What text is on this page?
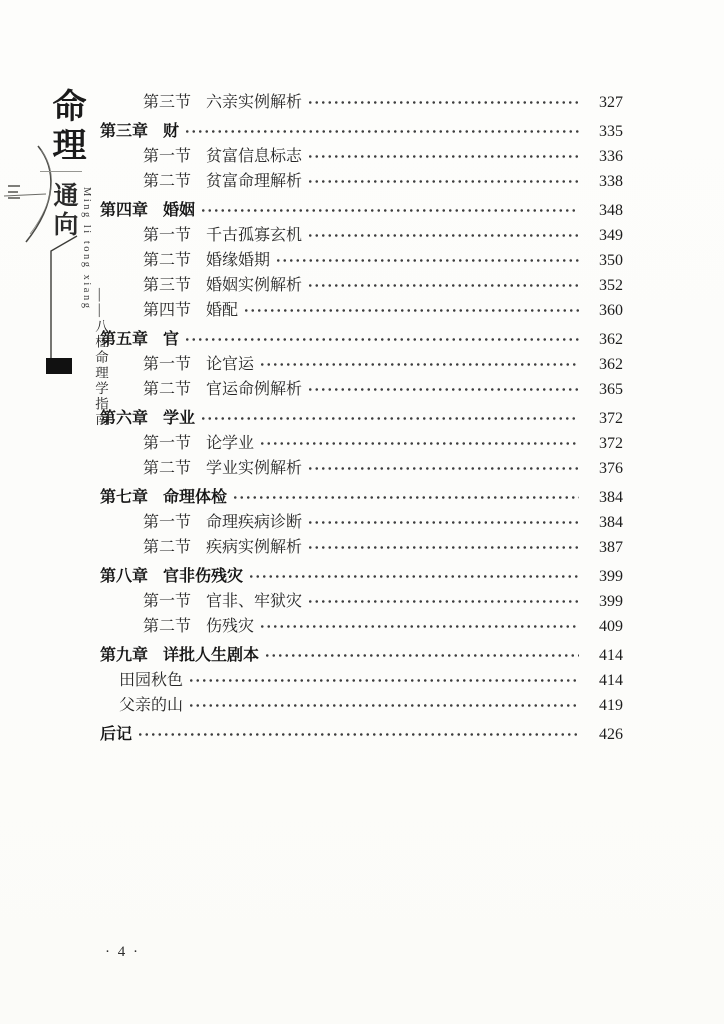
命理
通向 Ming li tong xiang
——八柱命理学指南
第三节 六亲实例解析	327
第三章 财	335
第一节 贫富信息标志	336
第二节 贫富命理解析	338
第四章 婚姻	348
第一节 千古孤寡玄机	349
第二节 婚缘婚期	350
第三节 婚姻实例解析	352
第四节 婚配	360
第五章 官	362
第一节 论官运	362
第二节 官运命例解析	365
第六章 学业	372
第一节 论学业	372
第二节 学业实例解析	376
第七章 命理体检	384
第一节 命理疾病诊断	384
第二节 疾病实例解析	387
第八章 官非伤残灾	399
第一节 官非、牢狱灾	399
第二节 伤残灾	409
第九章 详批人生剧本	414
田园秋色	414
父亲的山	419
后记	426
· 4 ·
